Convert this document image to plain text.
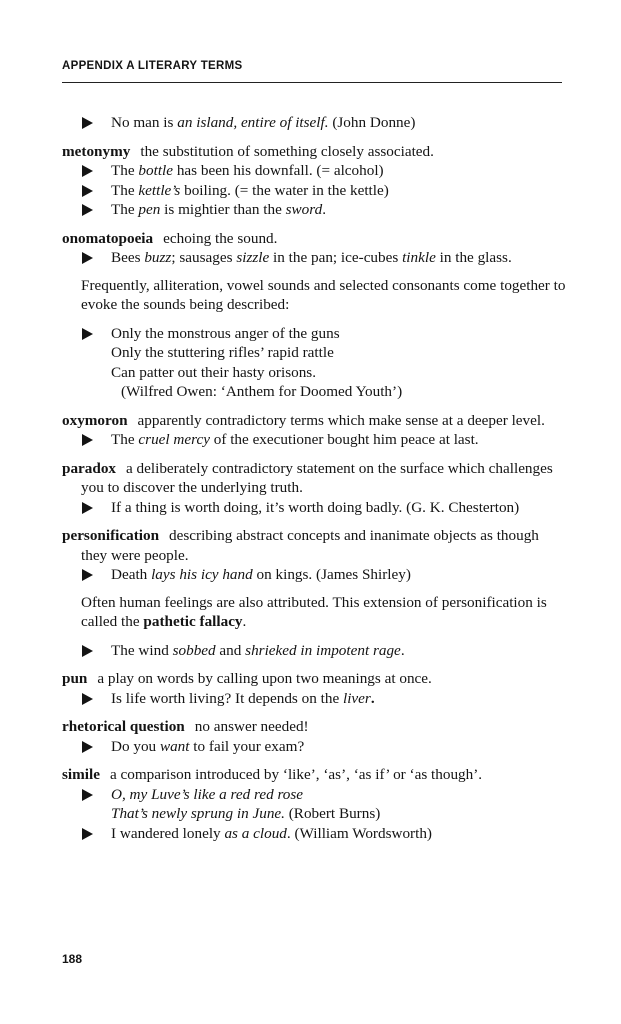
APPENDIX A LITERARY TERMS

No man is an island, entire of itself. (John Donne)

metonymy the substitution of something closely associated.

The bottle has been his downfall. (= alcohol)

The kettle’s boiling. (= the water in the kettle)

The pen is mightier than the sword.

onomatopoeia echoing the sound.

Bees buzz; sausages sizzle in the pan; ice-cubes tinkle in the glass.

Frequently, alliteration, vowel sounds and selected consonants come together to evoke the sounds being described:

Only the monstrous anger of the guns

Only the stuttering rifles’ rapid rattle

Can patter out their hasty orisons.

(Wilfred Owen: ‘Anthem for Doomed Youth’)

oxymoron apparently contradictory terms which make sense at a deeper level.

The cruel mercy of the executioner bought him peace at last.

paradox a deliberately contradictory statement on the surface which challenges you to discover the underlying truth.

If a thing is worth doing, it’s worth doing badly. (G. K. Chesterton)

personification describing abstract concepts and inanimate objects as though they were people.

Death lays his icy hand on kings. (James Shirley)

Often human feelings are also attributed. This extension of personification is called the pathetic fallacy.

The wind sobbed and shrieked in impotent rage.

pun a play on words by calling upon two meanings at once.

Is life worth living? It depends on the liver.

rhetorical question no answer needed!

Do you want to fail your exam?

simile a comparison introduced by ‘like’, ‘as’, ‘as if’ or ‘as though’.

O, my Luve’s like a red red rose

That’s newly sprung in June. (Robert Burns)

I wandered lonely as a cloud. (William Wordsworth)

188
